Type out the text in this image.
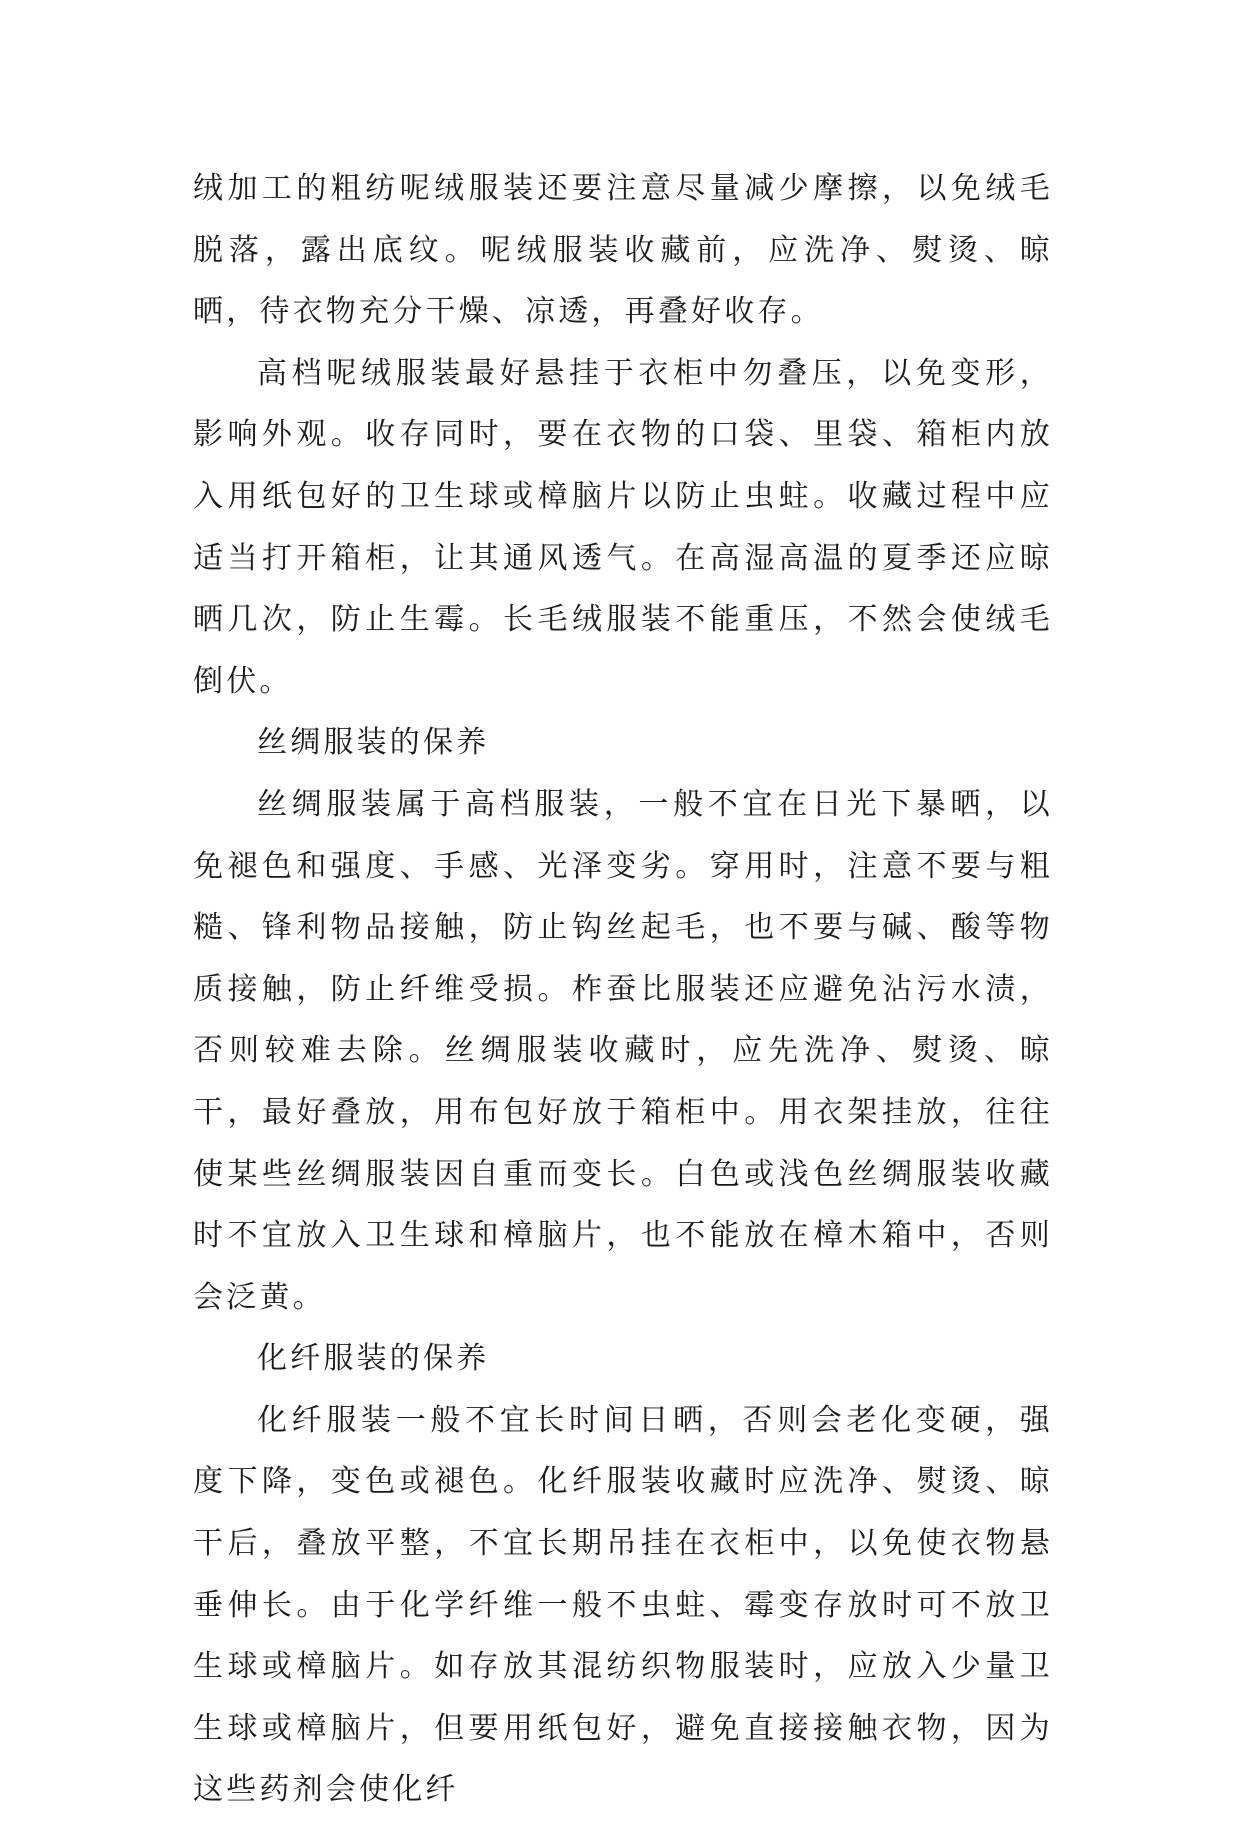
绒加工的粗纺呢绒服装还要注意尽量减少摩擦，以免绒毛脱落，露出底纹。呢绒服装收藏前，应洗净、熨烫、晾晒，待衣物充分干燥、凉透，再叠好收存。

高档呢绒服装最好悬挂于衣柜中勿叠压，以免变形，影响外观。收存同时，要在衣物的口袋、里袋、箱柜内放入用纸包好的卫生球或樟脑片以防止虫蛀。收藏过程中应适当打开箱柜，让其通风透气。在高湿高温的夏季还应晾晒几次，防止生霉。长毛绒服装不能重压，不然会使绒毛倒伏。

丝绸服装的保养

丝绸服装属于高档服装，一般不宜在日光下暴晒，以免褪色和强度、手感、光泽变劣。穿用时，注意不要与粗糙、锋利物品接触，防止钩丝起毛，也不要与碱、酸等物质接触，防止纤维受损。柞蚕比服装还应避免沾污水渍，否则较难去除。丝绸服装收藏时，应先洗净、熨烫、晾干，最好叠放，用布包好放于箱柜中。用衣架挂放，往往使某些丝绸服装因自重而变长。白色或浅色丝绸服装收藏时不宜放入卫生球和樟脑片，也不能放在樟木箱中，否则会泛黄。

化纤服装的保养

化纤服装一般不宜长时间日晒，否则会老化变硬，强度下降，变色或褪色。化纤服装收藏时应洗净、熨烫、晾干后，叠放平整，不宜长期吊挂在衣柜中，以免使衣物悬垂伸长。由于化学纤维一般不虫蛀、霉变存放时可不放卫生球或樟脑片。如存放其混纺织物服装时，应放入少量卫生球或樟脑片，但要用纸包好，避免直接接触衣物，因为这些药剂会使化纤
